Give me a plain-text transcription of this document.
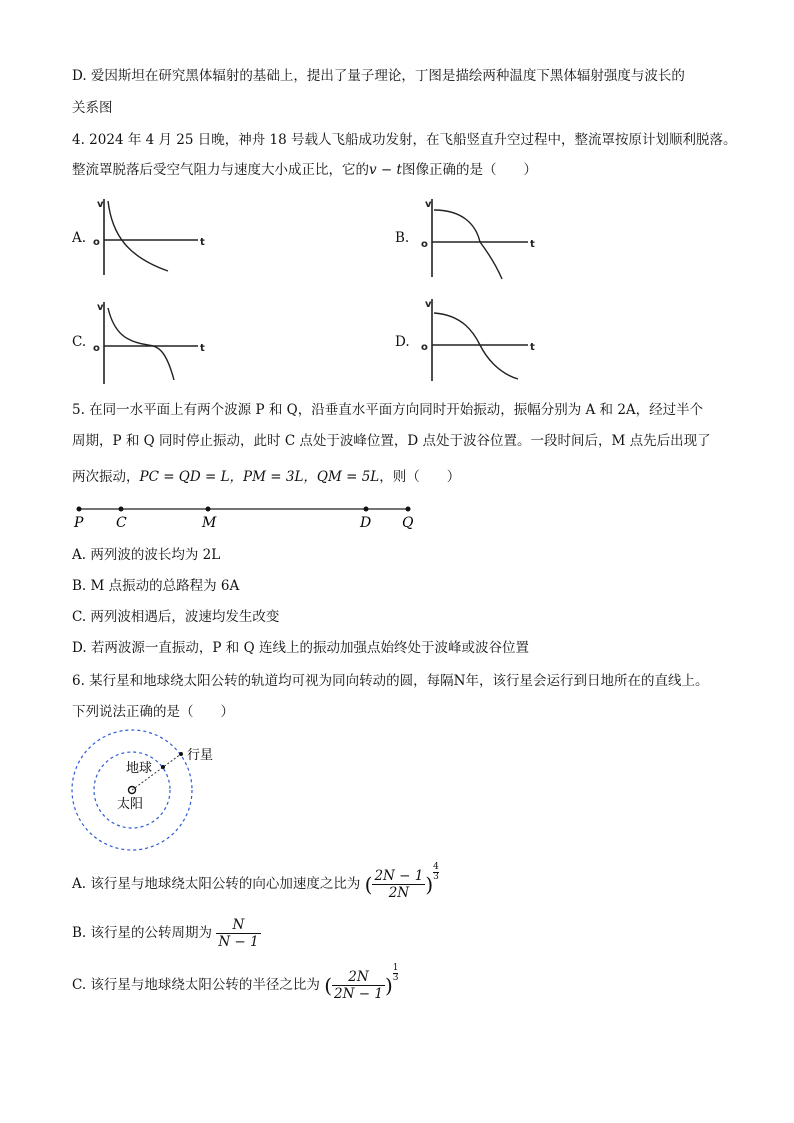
D. 爱因斯坦在研究黑体辐射的基础上，提出了量子理论，丁图是描绘两种温度下黑体辐射强度与波长的
关系图
4. 2024 年 4 月 25 日晚，神舟 18 号载人飞船成功发射，在飞船竖直升空过程中，整流罩按原计划顺利脱落。
整流罩脱落后受空气阻力与速度大小成正比，它的v − t图像正确的是（　　）
A.	B.
C.	D.
v
t
o
v
t
o
v
t
o
v
t
o
5. 在同一水平面上有两个波源 P 和 Q，沿垂直水平面方向同时开始振动，振幅分别为 A 和 2A，经过半个
周期，P 和 Q 同时停止振动，此时 C 点处于波峰位置，D 点处于波谷位置。一段时间后，M 点先后出现了
两次振动，PC = QD = L，PM = 3L，QM = 5L，则（　　）
P C	M	D Q
A. 两列波的波长均为 2L
B. M 点振动的总路程为 6A
C. 两列波相遇后，波速均发生改变
D. 若两波源一直振动，P 和 Q 连线上的振动加强点始终处于波峰或波谷位置
6. 某行星和地球绕太阳公转的轨道均可视为同向转动的圆，每隔N年，该行星会运行到日地所在的直线上。
下列说法正确的是（　　）
行星
地球
太阳
A. 该行星与地球绕太阳公转的向心加速度之比为 ( $\frac{2N - 1}{2N}$ ) $\frac{4}{3}$
B. 该行星的公转周期为 $\frac{N}{N - 1}$
C. 该行星与地球绕太阳公转的半径之比为 ( $\frac{2N}{2N - 1}$ ) $\frac{1}{3}$
